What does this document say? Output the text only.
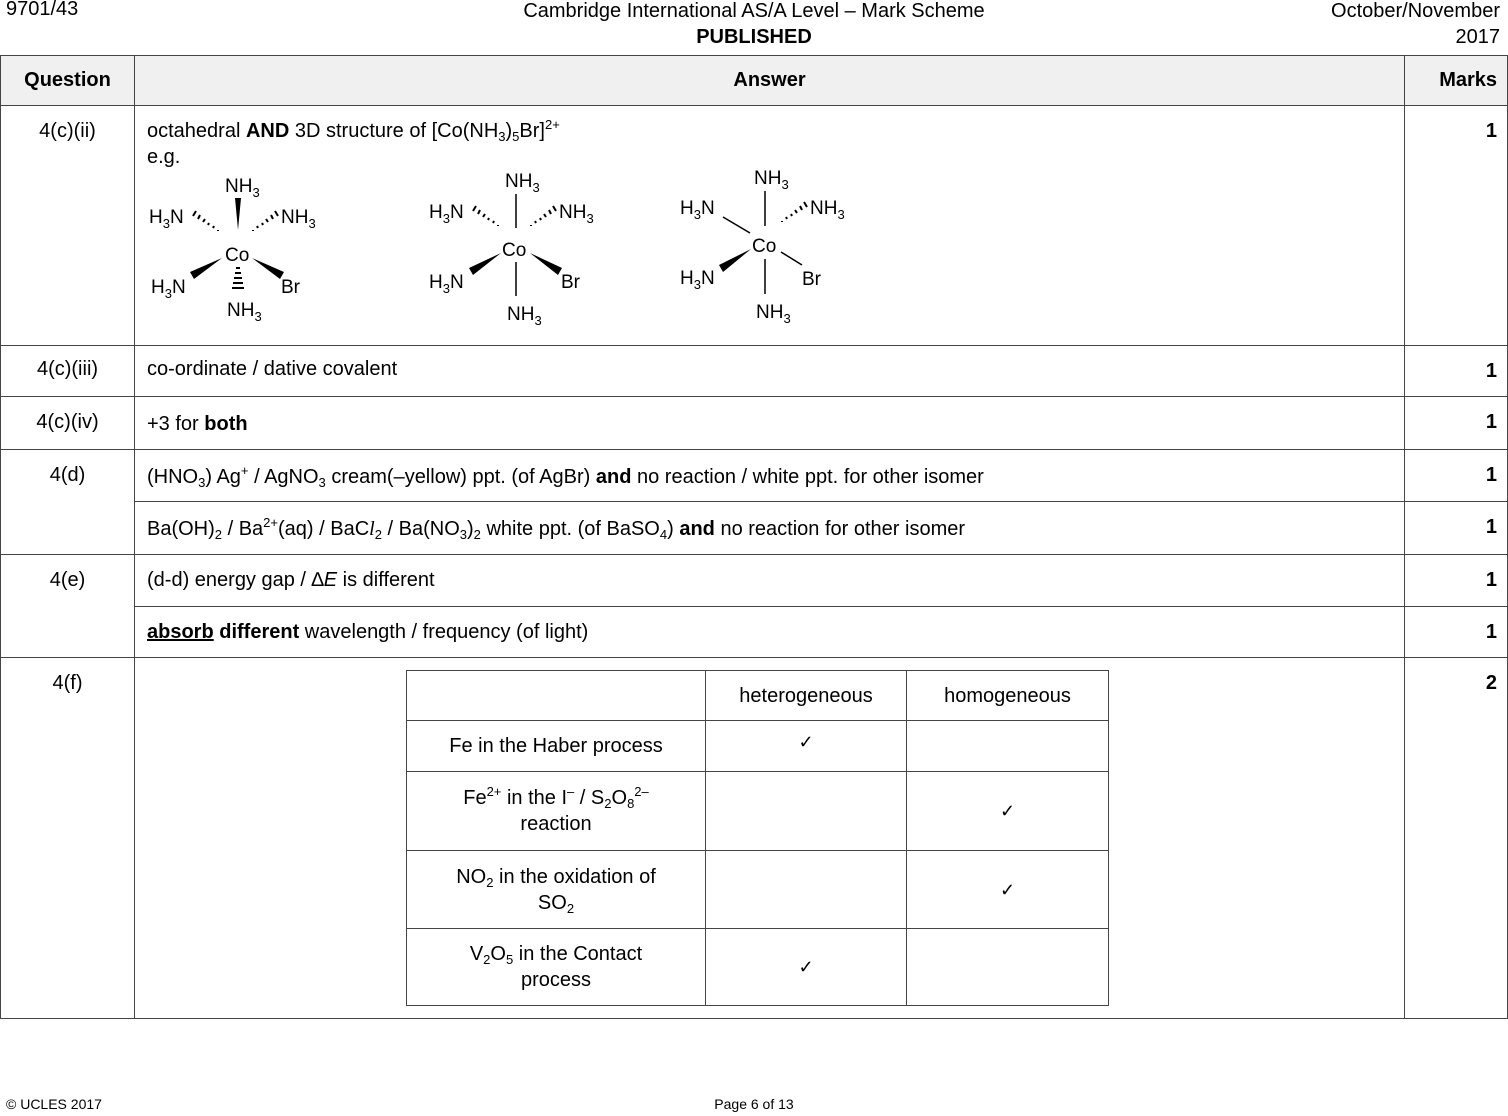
9701/43	Cambridge International AS/A Level – Mark Scheme
PUBLISHED
October/November
2017
Question	Answer	Marks
4(c)(ii)	octahedral AND 3D structure of $[Co(NH_3)_5Br]^{2+}$
e.g.
$NH_3$
$H_3N$	$NH_3$
Co
$H_3N$	Br
$NH_3$
$NH_3$
$H_3N$	$NH_3$
Co
$H_3N$	Br
$NH_3$
$NH_3$
$H_3N$	$NH_3$
Co
$H_3N$	Br
$NH_3$
	1
4(c)(iii)	co-ordinate / dative covalent	1
4(c)(iv)	+3 for both	1
4(d)	$(HNO_3)$ Ag+ / AgNO$_3$ cream(–yellow) ppt. (of AgBr) and no reaction / white ppt. for other isomer	1
$Ba(OH)_2 / Ba^{2+}(aq)$ / BaCl$_2$ / $Ba(NO_3)_2$ white ppt. (of BaSO$_4$) and no reaction for other isomer	1
4(e)	(d-d) energy gap / ∆E is different	1
absorb different wavelength / frequency (of light)	1
4(f)	
	heterogeneous	homogeneous
Fe in the Haber process	✓	
$Fe^{2+}$ in the $I^- / S_2O_8^{2-}$
reaction		✓
$NO_2$ in the oxidation of
$SO_2$		✓
$V_2O_5$ in the Contact
process	✓	
	2
© UCLES 2017	Page 6 of 13
